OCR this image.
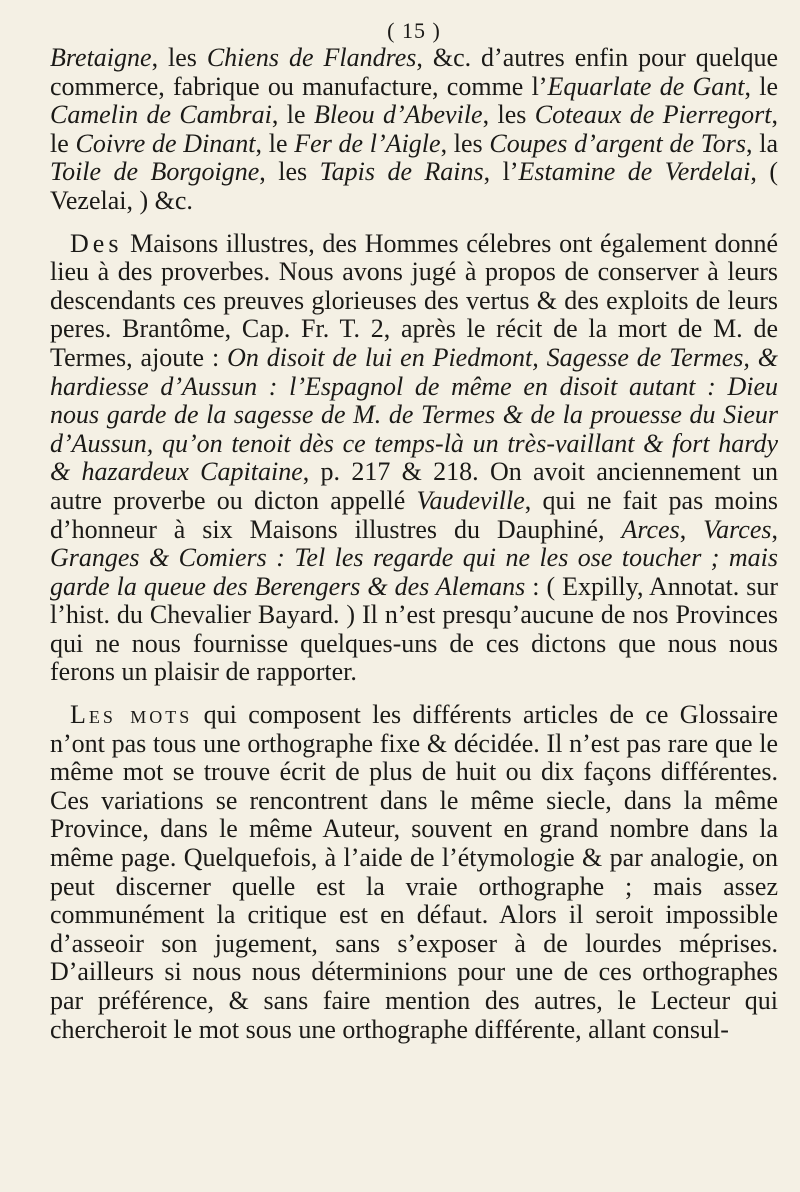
( 15 )

Bretaigne, les Chiens de Flandres, &c. d’autres enfin pour quelque commerce, fabrique ou manufacture, comme l’Equarlate de Gant, le Camelin de Cambrai, le Bleou d’Abevile, les Coteaux de Pierregort, le Coivre de Dinant, le Fer de l’Aigle, les Coupes d’argent de Tors, la Toile de Borgoigne, les Tapis de Rains, l’Estamine de Verdelai, ( Vezelai, ) &c.

Des Maisons illustres, des Hommes célebres ont également donné lieu à des proverbes. Nous avons jugé à propos de conserver à leurs descendants ces preuves glorieuses des vertus & des exploits de leurs peres. Brantôme, Cap. Fr. T. 2, après le récit de la mort de M. de Termes, ajoute : On disoit de lui en Piedmont, Sagesse de Termes, & hardiesse d’Aussun : l’Espagnol de même en disoit autant : Dieu nous garde de la sagesse de M. de Termes & de la prouesse du Sieur d’Aussun, qu’on tenoit dès ce temps-là un très-vaillant & fort hardy & hazardeux Capitaine, p. 217 & 218. On avoit anciennement un autre proverbe ou dicton appellé Vaudeville, qui ne fait pas moins d’honneur à six Maisons illustres du Dauphiné, Arces, Varces, Granges & Comiers : Tel les regarde qui ne les ose toucher ; mais garde la queue des Berengers & des Alemans : ( Expilly, Annotat. sur l’hist. du Chevalier Bayard. ) Il n’est presqu’aucune de nos Provinces qui ne nous fournisse quelques-uns de ces dictons que nous nous ferons un plaisir de rapporter.

Les mots qui composent les différents articles de ce Glossaire n’ont pas tous une orthographe fixe & décidée. Il n’est pas rare que le même mot se trouve écrit de plus de huit ou dix façons différentes. Ces variations se rencontrent dans le même siecle, dans la même Province, dans le même Auteur, souvent en grand nombre dans la même page. Quelquefois, à l’aide de l’étymologie & par analogie, on peut discerner quelle est la vraie orthographe ; mais assez communément la critique est en défaut. Alors il seroit impossible d’asseoir son jugement, sans s’exposer à de lourdes méprises. D’ailleurs si nous nous déterminions pour une de ces orthographes par préférence, & sans faire mention des autres, le Lecteur qui chercheroit le mot sous une orthographe différente, allant consul-
